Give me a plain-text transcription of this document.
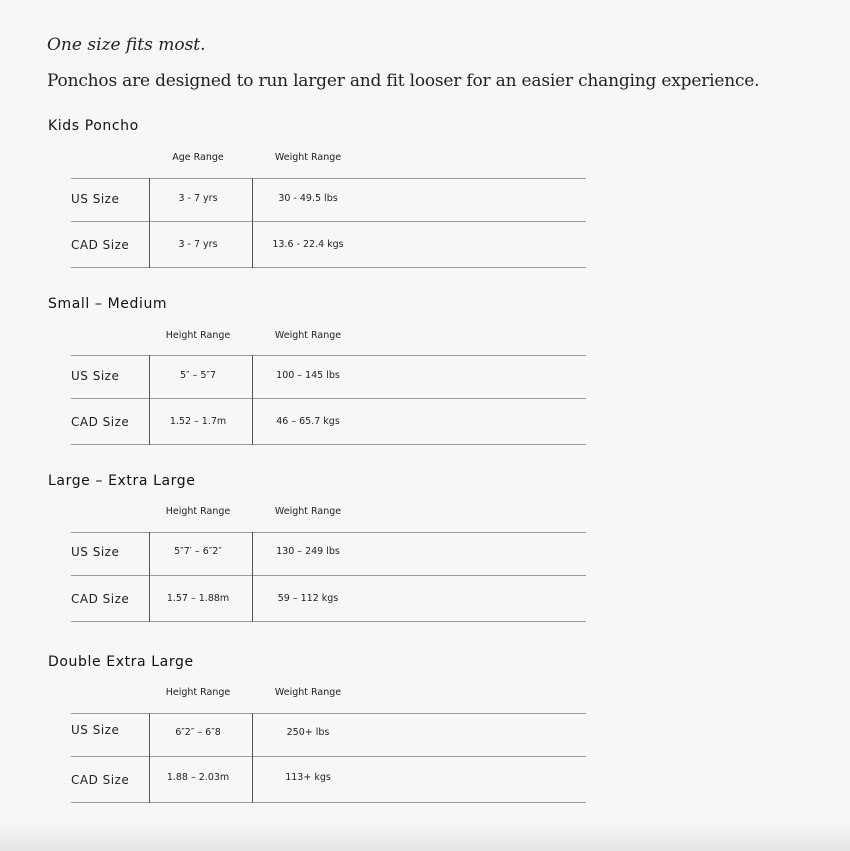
One size fits most.
Ponchos are designed to run larger and fit looser for an easier changing experience.
Kids Poncho
Age Range	Weight Range
US Size	3 - 7 yrs	30 - 49.5 lbs
CAD Size	3 - 7 yrs	13.6 - 22.4 kgs
Small – Medium
Height Range	Weight Range
US Size	5″ – 5″7	100 – 145 lbs
CAD Size	1.52 – 1.7m	46 – 65.7 kgs
Large – Extra Large
Height Range	Weight Range
US Size	5″7′ – 6″2″	130 – 249 lbs
CAD Size	1.57 – 1.88m	59 – 112 kgs
Double Extra Large
Height Range	Weight Range
US Size	6″2″ – 6″8	250+ lbs
CAD Size	1.88 – 2.03m	113+ kgs
